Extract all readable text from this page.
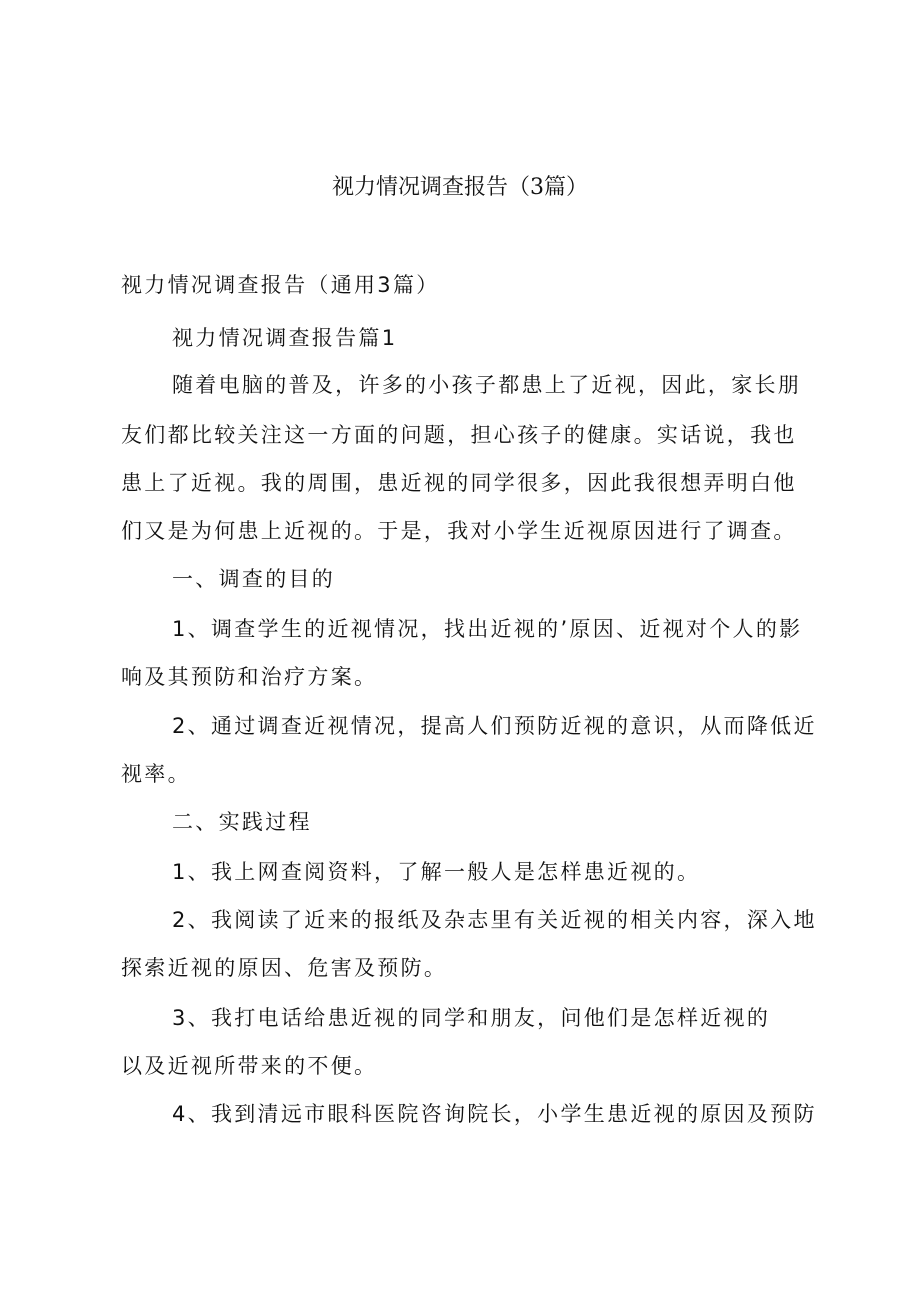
视力情况调查报告（3篇）
视力情况调查报告（通用3篇）
视力情况调查报告篇1
随着电脑的普及，许多的小孩子都患上了近视，因此，家长朋
友们都比较关注这一方面的问题，担心孩子的健康。实话说，我也
患上了近视。我的周围，患近视的同学很多，因此我很想弄明白他
们又是为何患上近视的。于是，我对小学生近视原因进行了调查。
一、调查的目的
1、调查学生的近视情况，找出近视的’原因、近视对个人的影
响及其预防和治疗方案。
2、通过调查近视情况，提高人们预防近视的意识，从而降低近
视率。
二、实践过程
1、我上网查阅资料，了解一般人是怎样患近视的。
2、我阅读了近来的报纸及杂志里有关近视的相关内容，深入地
探索近视的原因、危害及预防。
3、我打电话给患近视的同学和朋友，问他们是怎样近视的
以及近视所带来的不便。
4、我到清远市眼科医院咨询院长，小学生患近视的原因及预防
